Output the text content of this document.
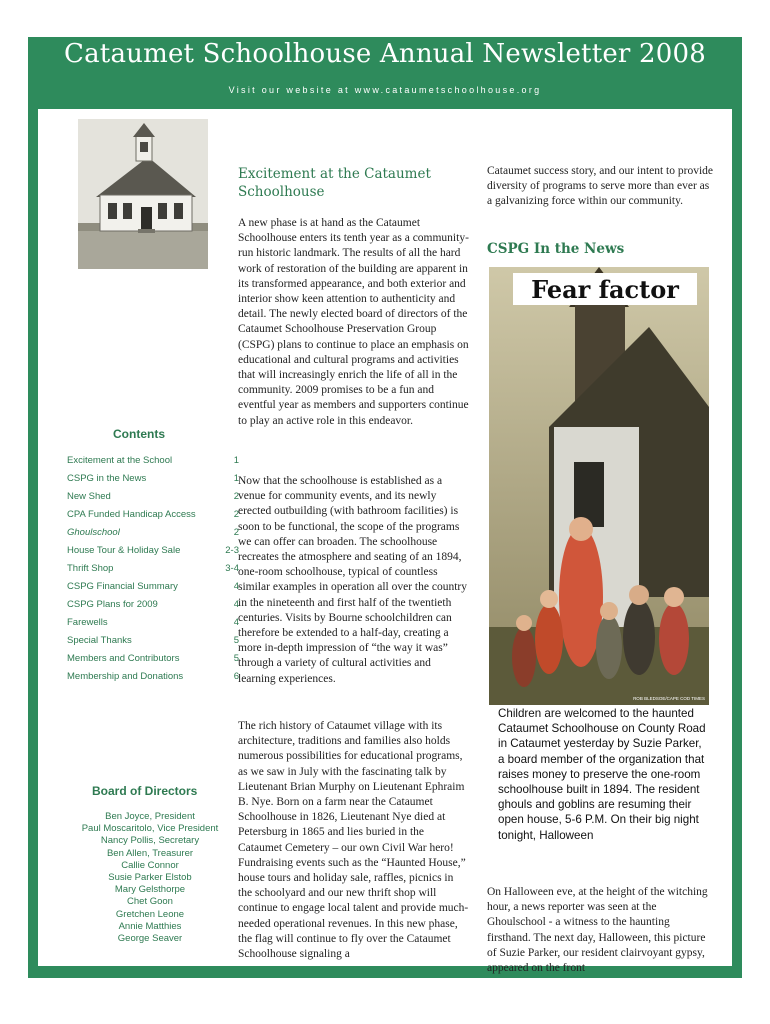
Cataumet Schoolhouse Annual Newsletter 2008
Visit our website at www.cataumetschoolhouse.org
Contents
Excitement at the School	1
CSPG in the News	1
New Shed	2
CPA Funded Handicap Access	2
Ghoulschool	2
House Tour & Holiday Sale	2-3
Thrift Shop	3-4
CSPG Financial Summary	4
CSPG Plans for 2009	4
Farewells	4
Special Thanks	5
Members and Contributors	5
Membership and Donations	6
Board of Directors
Ben Joyce, President
Paul Moscaritolo, Vice President
Nancy Pollis, Secretary
Ben Allen, Treasurer
Callie Connor
Susie Parker Elstob
Mary Gelsthorpe
Chet Goon
Gretchen Leone
Annie Matthies
George Seaver
Excitement at the Cataumet Schoolhouse

A new phase is at hand as the Cataumet Schoolhouse enters its tenth year as a community-run historic landmark. The results of all the hard work of restoration of the building are apparent in its transformed appearance, and both exterior and interior show keen attention to authenticity and detail. The newly elected board of directors of the Cataumet Schoolhouse Preservation Group (CSPG) plans to continue to place an emphasis on educational and cultural programs and activities that will increasingly enrich the life of all in the community. 2009 promises to be a fun and eventful year as members and supporters continue to play an active role in this endeavor.

Now that the schoolhouse is established as a venue for community events, and its newly erected outbuilding (with bathroom facilities) is soon to be functional, the scope of the programs we can offer can broaden. The schoolhouse recreates the atmosphere and seating of an 1894, one-room schoolhouse, typical of countless similar examples in operation all over the country in the nineteenth and first half of the twentieth centuries. Visits by Bourne schoolchildren can therefore be extended to a half-day, creating a more in-depth impression of “the way it was” through a variety of cultural activities and learning experiences.

The rich history of Cataumet village with its architecture, traditions and families also holds numerous possibilities for educational programs, as we saw in July with the fascinating talk by Lieutenant Brian Murphy on Lieutenant Ephraim B. Nye. Born on a farm near the Cataumet Schoolhouse in 1826, Lieutenant Nye died at Petersburg in 1865 and lies buried in the Cataumet Cemetery – our own Civil War hero! Fundraising events such as the “Haunted House,” house tours and holiday sale, raffles, picnics in the schoolyard and our new thrift shop will continue to engage local talent and provide much-needed operational revenues. In this new phase, the flag will continue to fly over the Cataumet Schoolhouse signaling a

Cataumet success story, and our intent to provide diversity of programs to serve more than ever as a galvanizing force within our community.

CSPG In the News
Fear factor
ROB BLEDSOE/CAPE COD TIMES

Children are welcomed to the haunted Cataumet Schoolhouse on County Road in Cataumet yesterday by Suzie Parker, a board member of the organization that raises money to preserve the one-room schoolhouse built in 1894. The resident ghouls and goblins are resuming their open house, 5-6 P.M. On their big night tonight, Halloween

On Halloween eve, at the height of the witching hour, a news reporter was seen at the Ghoulschool - a witness to the haunting firsthand. The next day, Halloween, this picture of Suzie Parker, our resident clairvoyant gypsy, appeared on the front
